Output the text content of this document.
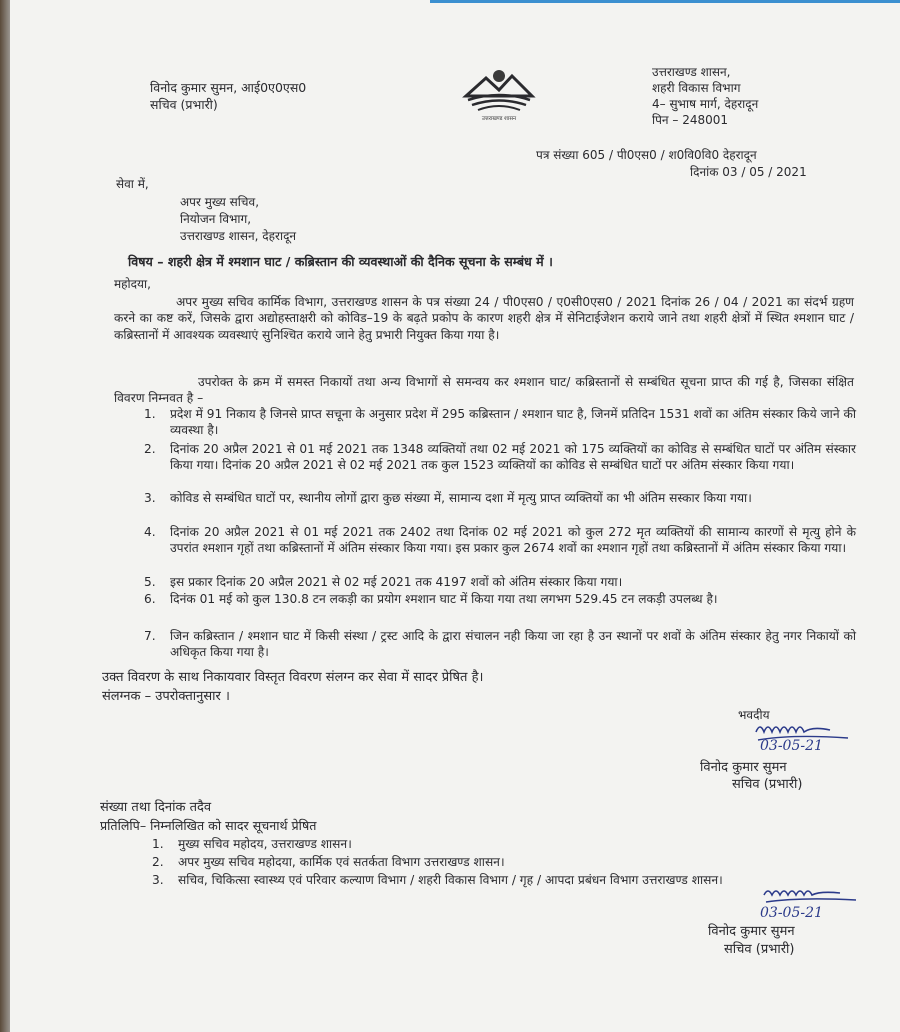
विनोद कुमार सुमन, आई0ए0एस0
सचिव (प्रभारी)
उत्तराखण्ड शासन
उत्तराखण्ड शासन,
शहरी विकास विभाग
4– सुभाष मार्ग, देहरादून
पिन – 248001
पत्र संख्या 605 / पी0एस0 / श0वि0वि0 देहरादून
दिनांक 03 / 05 / 2021
सेवा में,
अपर मुख्य सचिव,
नियोजन विभाग,
उत्तराखण्ड शासन, देहरादून
विषय – शहरी क्षेत्र में श्मशान घाट / कब्रिस्तान की व्यवस्थाओं की दैनिक सूचना के सम्बंध में ।
महोदया,
अपर मुख्य सचिव कार्मिक विभाग, उत्तराखण्ड शासन के पत्र संख्या 24 / पी0एस0 / ए0सी0एस0 / 2021 दिनांक 26 / 04 / 2021 का संदर्भ ग्रहण करने का कष्ट करें, जिसके द्वारा अद्योहस्ताक्षरी को कोविड–19 के बढ़ते प्रकोप के कारण शहरी क्षेत्र में सेनिटाईजेशन कराये जाने तथा शहरी क्षेत्रों में स्थित श्मशान घाट / कब्रिस्तानों में आवश्यक व्यवस्थाएं सुनिश्चित कराये जाने हेतु प्रभारी नियुक्त किया गया है।
उपरोक्त के क्रम में समस्त निकायों तथा अन्य विभागों से समन्वय कर श्मशान घाट/ कब्रिस्तानों से सम्बंधित सूचना प्राप्त की गई है, जिसका संक्षित विवरण निम्नवत है –
1. प्रदेश में 91 निकाय है जिनसे प्राप्त सचूना के अनुसार प्रदेश में 295 कब्रिस्तान / श्मशान घाट है, जिनमें प्रतिदिन 1531 शवों का अंतिम संस्कार किये जाने की व्यवस्था है।
2. दिनांक 20 अप्रैल 2021 से 01 मई 2021 तक 1348 व्यक्तियों तथा 02 मई 2021 को 175 व्यक्तियों का कोविड से सम्बंधित घाटों पर अंतिम संस्कार किया गया। दिनांक 20 अप्रैल 2021 से 02 मई 2021 तक कुल 1523 व्यक्तियों का कोविड से सम्बंधित घाटों पर अंतिम संस्कार किया गया।
3. कोविड से सम्बंधित घाटों पर, स्थानीय लोगों द्वारा कुछ संख्या में, सामान्य दशा में मृत्यु प्राप्त व्यक्तियों का भी अंतिम सस्कार किया गया।
4. दिनांक 20 अप्रैल 2021 से 01 मई 2021 तक 2402 तथा दिनांक 02 मई 2021 को कुल 272 मृत व्यक्तियों की सामान्य कारणों से मृत्यु होने के उपरांत श्मशान गृहों तथा कब्रिस्तानों में अंतिम संस्कार किया गया। इस प्रकार कुल 2674 शवों का श्मशान गृहों तथा कब्रिस्तानों में अंतिम संस्कार किया गया।
5. इस प्रकार दिनांक 20 अप्रैल 2021 से 02 मई 2021 तक 4197 शवों को अंतिम संस्कार किया गया।
6. दिनंक 01 मई को कुल 130.8 टन लकड़ी का प्रयोग श्मशान घाट में किया गया तथा लगभग 529.45 टन लकड़ी उपलब्ध है।
7. जिन कब्रिस्तान / श्मशान घाट में किसी संस्था / ट्रस्ट आदि के द्वारा संचालन नही किया जा रहा है उन स्थानों पर शवों के अंतिम संस्कार हेतु नगर निकायों को अधिकृत किया गया है।
उक्त विवरण के साथ निकायवार विस्तृत विवरण संलग्न कर सेवा में सादर प्रेषित है।
संलग्नक – उपरोक्तानुसार ।
भवदीय
03-05-21
विनोद कुमार सुमन
सचिव (प्रभारी)
संख्या तथा दिनांक तदैव
प्रतिलिपि– निम्नलिखित को सादर सूचनार्थ प्रेषित
1. मुख्य सचिव महोदय, उत्तराखण्ड शासन।
2. अपर मुख्य सचिव महोदया, कार्मिक एवं सतर्कता विभाग उत्तराखण्ड शासन।
3. सचिव, चिकित्सा स्वास्थ्य एवं परिवार कल्याण विभाग / शहरी विकास विभाग / गृह / आपदा प्रबंधन विभाग उत्तराखण्ड शासन।
03-05-21
विनोद कुमार सुमन
सचिव (प्रभारी)
